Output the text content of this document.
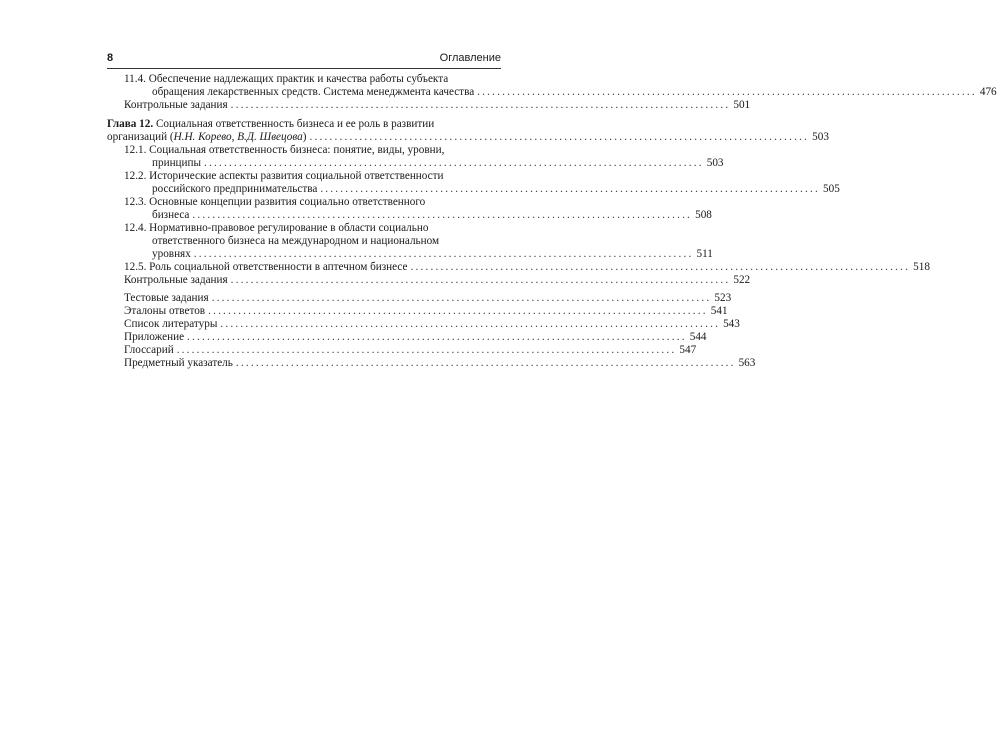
8	Оглавление
11.4. Обеспечение надлежащих практик и качества работы субъекта
обращения лекарственных средств. Система менеджмента качества .................................................................................................... 476
Контрольные задания .................................................................................................... 501
Глава 12. Социальная ответственность бизнеса и ее роль в развитии
организаций (Н.Н. Корево, В.Д. Швецова) .................................................................................................... 503
12.1. Социальная ответственность бизнеса: понятие, виды, уровни,
принципы .................................................................................................... 503
12.2. Исторические аспекты развития социальной ответственности
российского предпринимательства .................................................................................................... 505
12.3. Основные концепции развития социально ответственного
бизнеса .................................................................................................... 508
12.4. Нормативно-правовое регулирование в области социально
ответственного бизнеса на международном и национальном
уровнях .................................................................................................... 511
12.5. Роль социальной ответственности в аптечном бизнесе .................................................................................................... 518
Контрольные задания .................................................................................................... 522
Тестовые задания .................................................................................................... 523
Эталоны ответов .................................................................................................... 541
Список литературы .................................................................................................... 543
Приложение .................................................................................................... 544
Глоссарий .................................................................................................... 547
Предметный указатель .................................................................................................... 563
